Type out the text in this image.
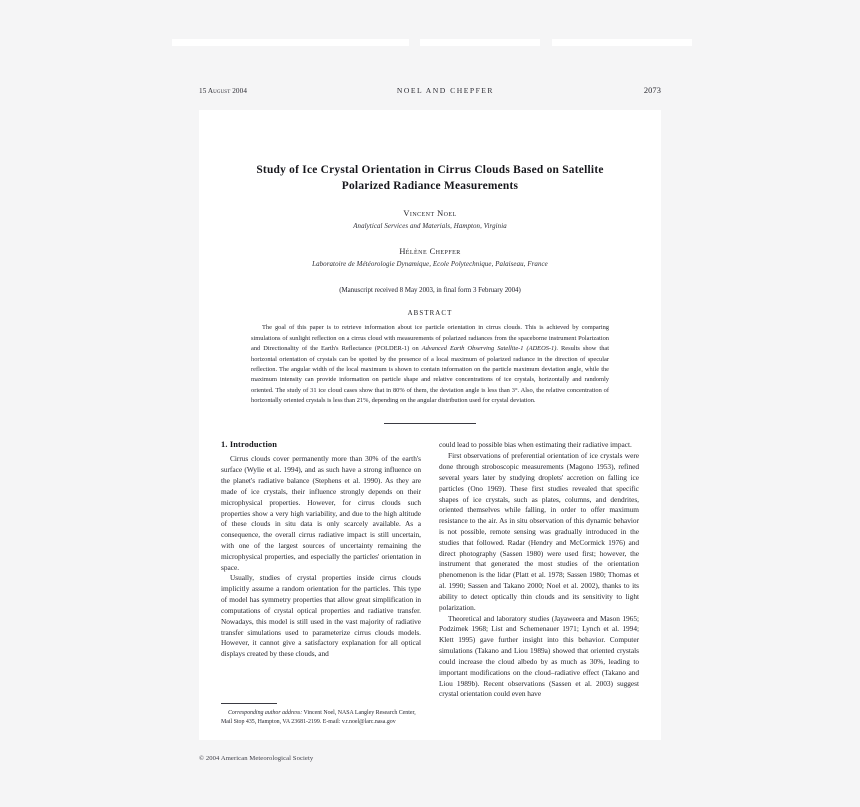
15 August 2004	NOEL AND CHEPFER	2073
Study of Ice Crystal Orientation in Cirrus Clouds Based on Satellite Polarized Radiance Measurements
Vincent Noel
Analytical Services and Materials, Hampton, Virginia
Hélène Chepfer
Laboratoire de Météorologie Dynamique, Ecole Polytechnique, Palaiseau, France
(Manuscript received 8 May 2003, in final form 3 February 2004)
ABSTRACT
The goal of this paper is to retrieve information about ice particle orientation in cirrus clouds. This is achieved by comparing simulations of sunlight reflection on a cirrus cloud with measurements of polarized radiances from the spaceborne instrument Polarization and Directionality of the Earth's Reflectance (POLDER-1) on Advanced Earth Observing Satellite-1 (ADEOS-1). Results show that horizontal orientation of crystals can be spotted by the presence of a local maximum of polarized radiance in the direction of specular reflection. The angular width of the local maximum is shown to contain information on the particle maximum deviation angle, while the maximum intensity can provide information on particle shape and relative concentrations of ice crystals, horizontally and randomly oriented. The study of 31 ice cloud cases show that in 80% of them, the deviation angle is less than 3°. Also, the relative concentration of horizontally oriented crystals is less than 21%, depending on the angular distribution used for crystal deviation.
1. Introduction

Cirrus clouds cover permanently more than 30% of the earth's surface (Wylie et al. 1994), and as such have a strong influence on the planet's radiative balance (Stephens et al. 1990). As they are made of ice crystals, their influence strongly depends on their microphysical properties. However, for cirrus clouds such properties show a very high variability, and due to the high altitude of these clouds in situ data is only scarcely available. As a consequence, the overall cirrus radiative impact is still uncertain, with one of the largest sources of uncertainty remaining the microphysical properties, and especially the particles' orientation in space.

Usually, studies of crystal properties inside cirrus clouds implicitly assume a random orientation for the particles. This type of model has symmetry properties that allow great simplification in computations of crystal optical properties and radiative transfer. Nowadays, this model is still used in the vast majority of radiative transfer simulations used to parameterize cirrus clouds models. However, it cannot give a satisfactory explanation for all optical displays created by these clouds, and

Corresponding author address: Vincent Noel, NASA Langley Research Center, Mail Stop 435, Hampton, VA 23681-2199. E-mail: v.r.noel@larc.nasa.gov

could lead to possible bias when estimating their radiative impact.

First observations of preferential orientation of ice crystals were done through stroboscopic measurements (Magono 1953), refined several years later by studying droplets' accretion on falling ice particles (Ono 1969). These first studies revealed that specific shapes of ice crystals, such as plates, columns, and dendrites, oriented themselves while falling, in order to offer maximum resistance to the air. As in situ observation of this dynamic behavior is not possible, remote sensing was gradually introduced in the studies that followed. Radar (Hendry and McCormick 1976) and direct photography (Sassen 1980) were used first; however, the instrument that generated the most studies of the orientation phenomenon is the lidar (Platt et al. 1978; Sassen 1980; Thomas et al. 1990; Sassen and Takano 2000; Noel et al. 2002), thanks to its ability to detect optically thin clouds and its sensitivity to light polarization.

Theoretical and laboratory studies (Jayaweera and Mason 1965; Podzimek 1968; List and Schemenauer 1971; Lynch et al. 1994; Klett 1995) gave further insight into this behavior. Computer simulations (Takano and Liou 1989a) showed that oriented crystals could increase the cloud albedo by as much as 30%, leading to important modifications on the cloud–radiative effect (Takano and Liou 1989b). Recent observations (Sassen et al. 2003) suggest crystal orientation could even have

© 2004 American Meteorological Society
